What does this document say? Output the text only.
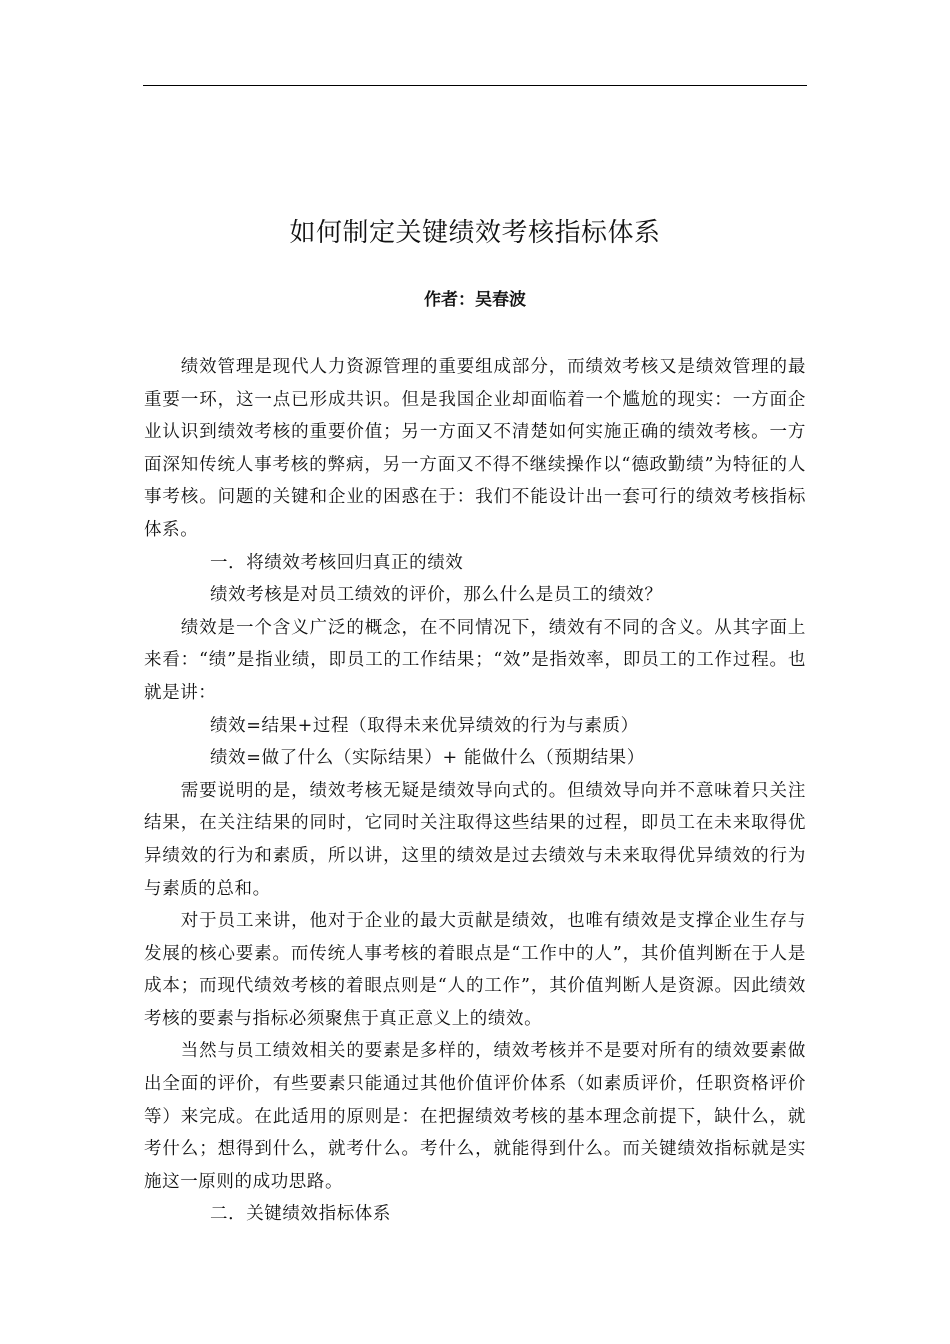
如何制定关键绩效考核指标体系
作者：吴春波

绩效管理是现代人力资源管理的重要组成部分，而绩效考核又是绩效管理的最重要一环，这一点已形成共识。但是我国企业却面临着一个尴尬的现实：一方面企业认识到绩效考核的重要价值；另一方面又不清楚如何实施正确的绩效考核。一方面深知传统人事考核的弊病，另一方面又不得不继续操作以“德政勤绩”为特征的人事考核。问题的关键和企业的困惑在于：我们不能设计出一套可行的绩效考核指标体系。

一．将绩效考核回归真正的绩效

绩效考核是对员工绩效的评价，那么什么是员工的绩效？

绩效是一个含义广泛的概念，在不同情况下，绩效有不同的含义。从其字面上来看：“绩”是指业绩，即员工的工作结果；“效”是指效率，即员工的工作过程。也就是讲：

绩效=结果+过程（取得未来优异绩效的行为与素质）

绩效=做了什么（实际结果）+ 能做什么（预期结果）

需要说明的是，绩效考核无疑是绩效导向式的。但绩效导向并不意味着只关注结果，在关注结果的同时，它同时关注取得这些结果的过程，即员工在未来取得优异绩效的行为和素质，所以讲，这里的绩效是过去绩效与未来取得优异绩效的行为与素质的总和。

对于员工来讲，他对于企业的最大贡献是绩效，也唯有绩效是支撑企业生存与发展的核心要素。而传统人事考核的着眼点是“工作中的人”，其价值判断在于人是成本；而现代绩效考核的着眼点则是“人的工作”，其价值判断人是资源。因此绩效考核的要素与指标必须聚焦于真正意义上的绩效。

当然与员工绩效相关的要素是多样的，绩效考核并不是要对所有的绩效要素做出全面的评价，有些要素只能通过其他价值评价体系（如素质评价，任职资格评价等）来完成。在此适用的原则是：在把握绩效考核的基本理念前提下，缺什么，就考什么；想得到什么，就考什么。考什么，就能得到什么。而关键绩效指标就是实施这一原则的成功思路。

二．关键绩效指标体系
